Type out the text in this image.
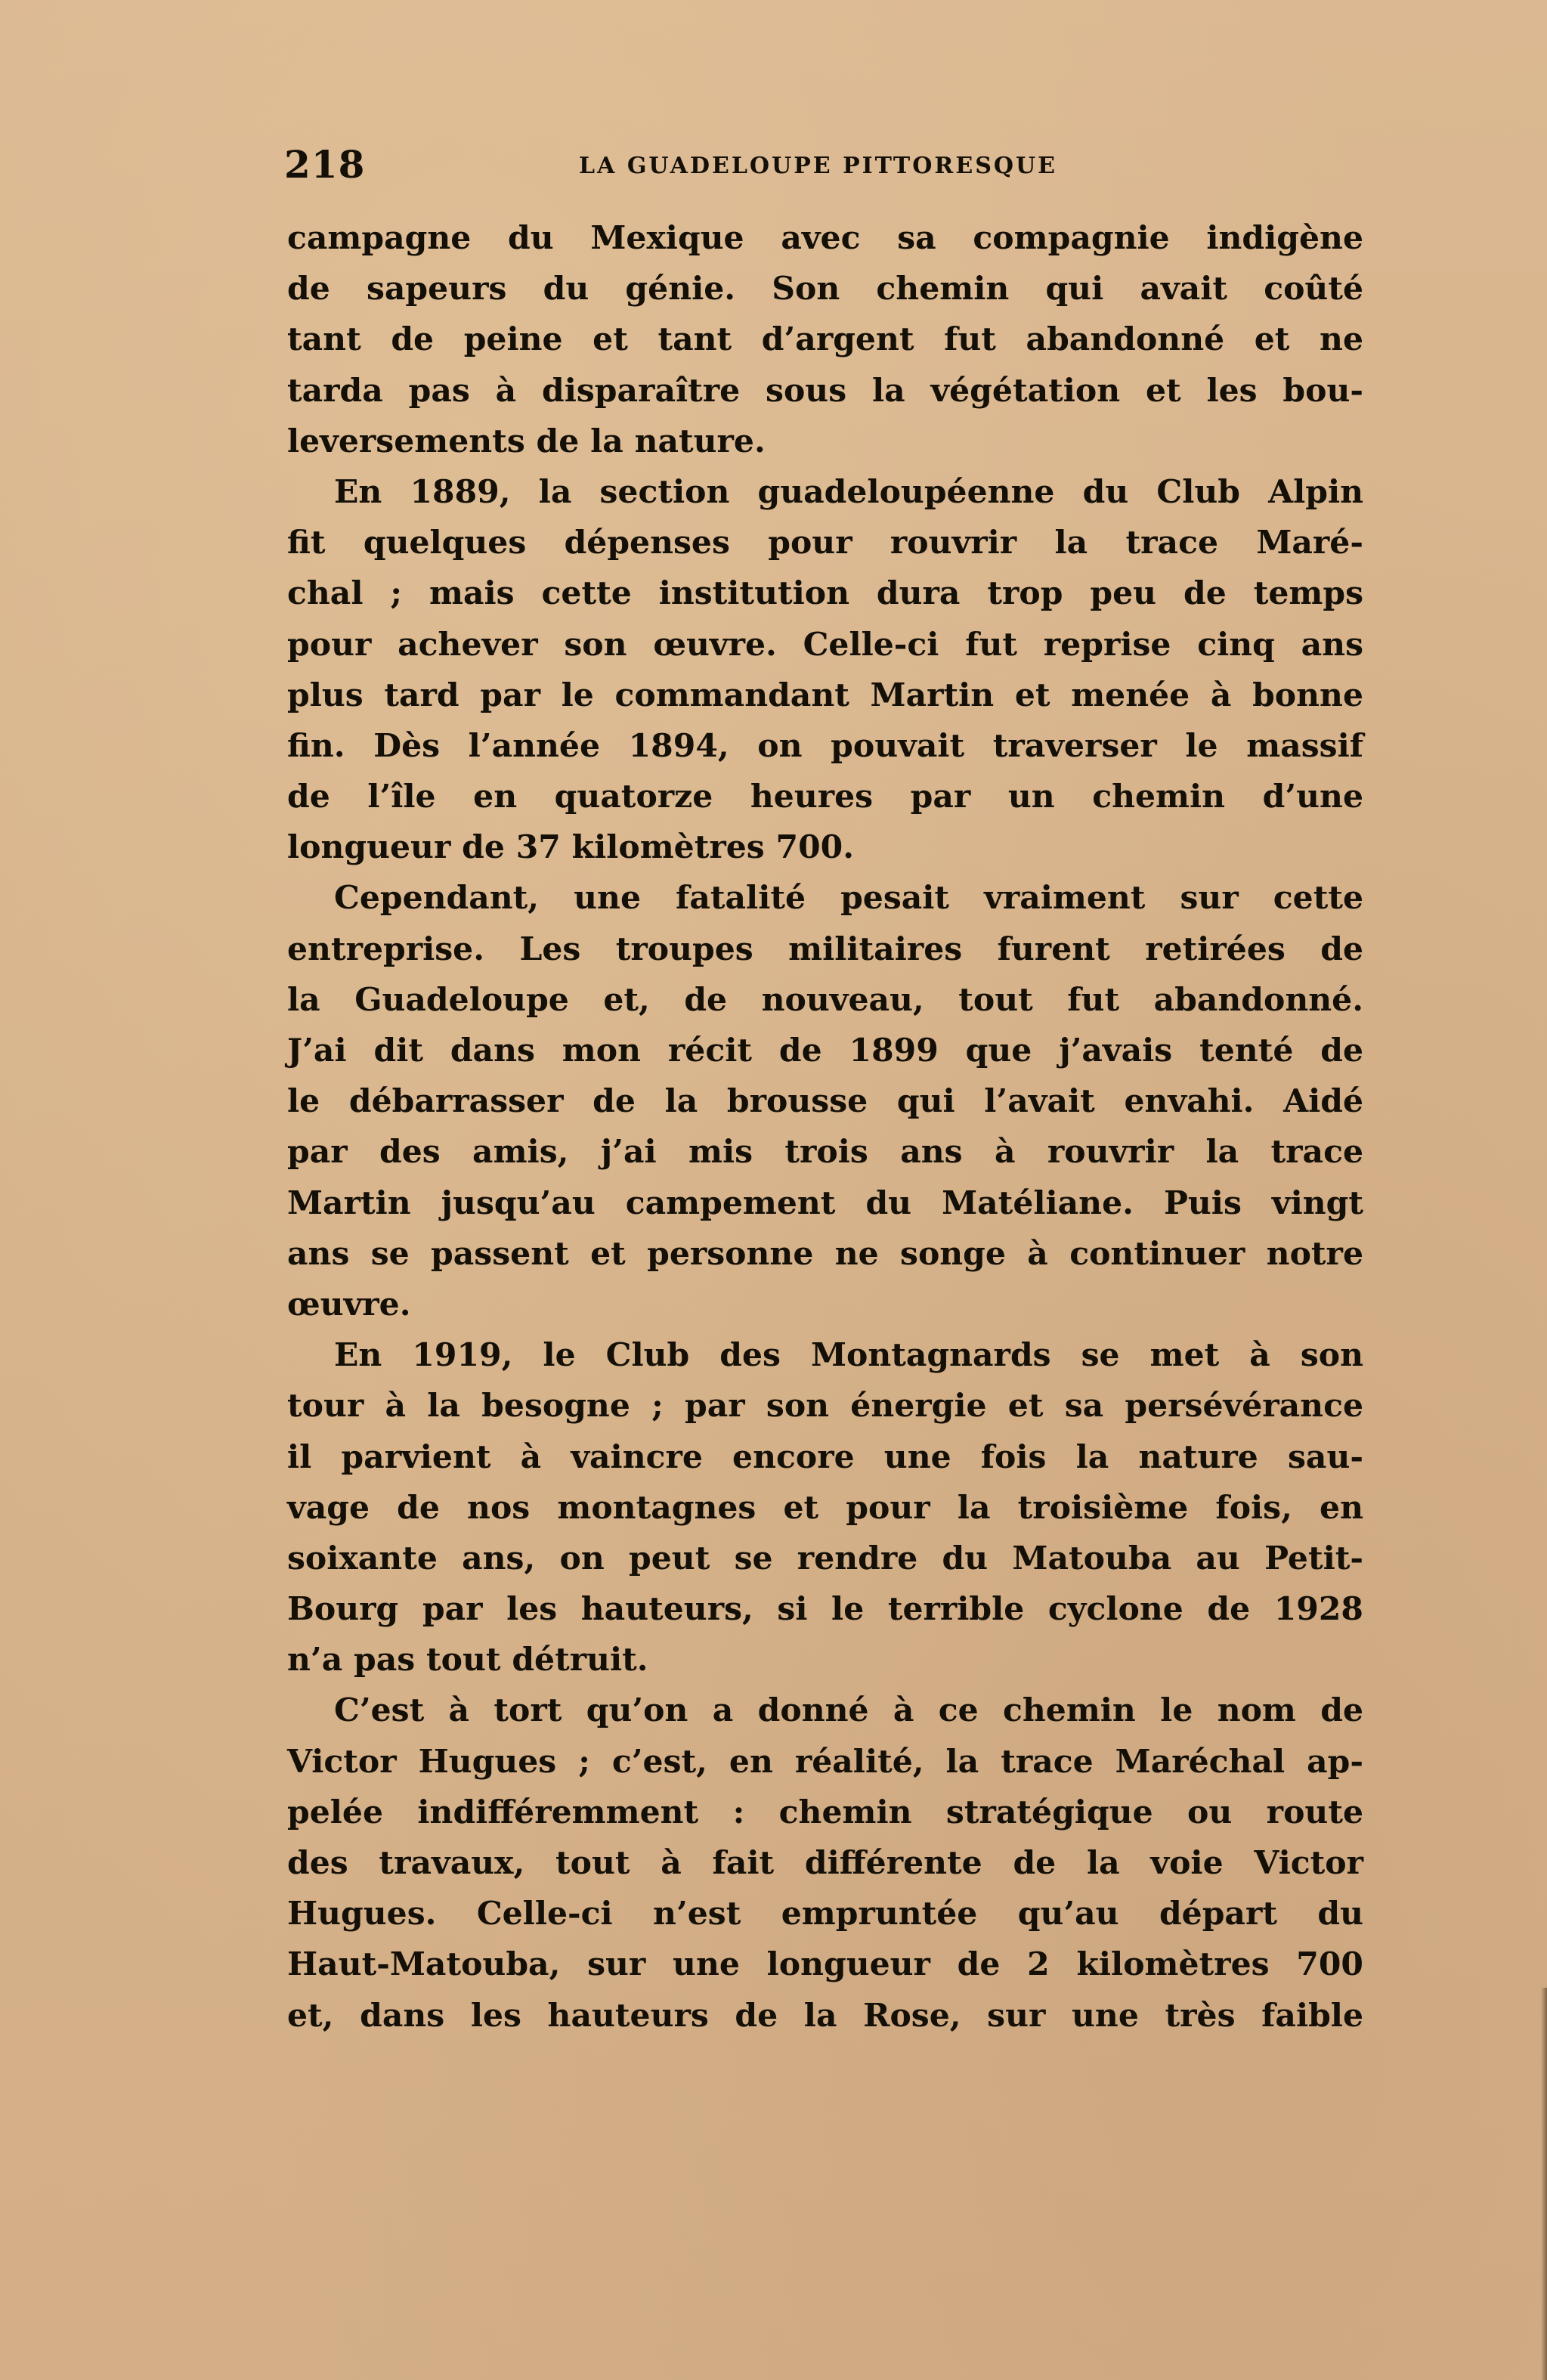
218	LA GUADELOUPE PITTORESQUE
campagne du Mexique avec sa compagnie indigène
de sapeurs du génie. Son chemin qui avait coûté
tant de peine et tant d’argent fut abandonné et ne
tarda pas à disparaître sous la végétation et les bou-
leversements de la nature.
En 1889, la section guadeloupéenne du Club Alpin
fit quelques dépenses pour rouvrir la trace Maré-
chal ; mais cette institution dura trop peu de temps
pour achever son œuvre. Celle-ci fut reprise cinq ans
plus tard par le commandant Martin et menée à bonne
fin. Dès l’année 1894, on pouvait traverser le massif
de l’île en quatorze heures par un chemin d’une
longueur de 37 kilomètres 700.
Cependant, une fatalité pesait vraiment sur cette
entreprise. Les troupes militaires furent retirées de
la Guadeloupe et, de nouveau, tout fut abandonné.
J’ai dit dans mon récit de 1899 que j’avais tenté de
le débarrasser de la brousse qui l’avait envahi. Aidé
par des amis, j’ai mis trois ans à rouvrir la trace
Martin jusqu’au campement du Matéliane. Puis vingt
ans se passent et personne ne songe à continuer notre
œuvre.
En 1919, le Club des Montagnards se met à son
tour à la besogne ; par son énergie et sa persévérance
il parvient à vaincre encore une fois la nature sau-
vage de nos montagnes et pour la troisième fois, en
soixante ans, on peut se rendre du Matouba au Petit-
Bourg par les hauteurs, si le terrible cyclone de 1928
n’a pas tout détruit.
C’est à tort qu’on a donné à ce chemin le nom de
Victor Hugues ; c’est, en réalité, la trace Maréchal ap-
pelée indifféremment : chemin stratégique ou route
des travaux, tout à fait différente de la voie Victor
Hugues. Celle-ci n’est empruntée qu’au départ du
Haut-Matouba, sur une longueur de 2 kilomètres 700
et, dans les hauteurs de la Rose, sur une très faible
